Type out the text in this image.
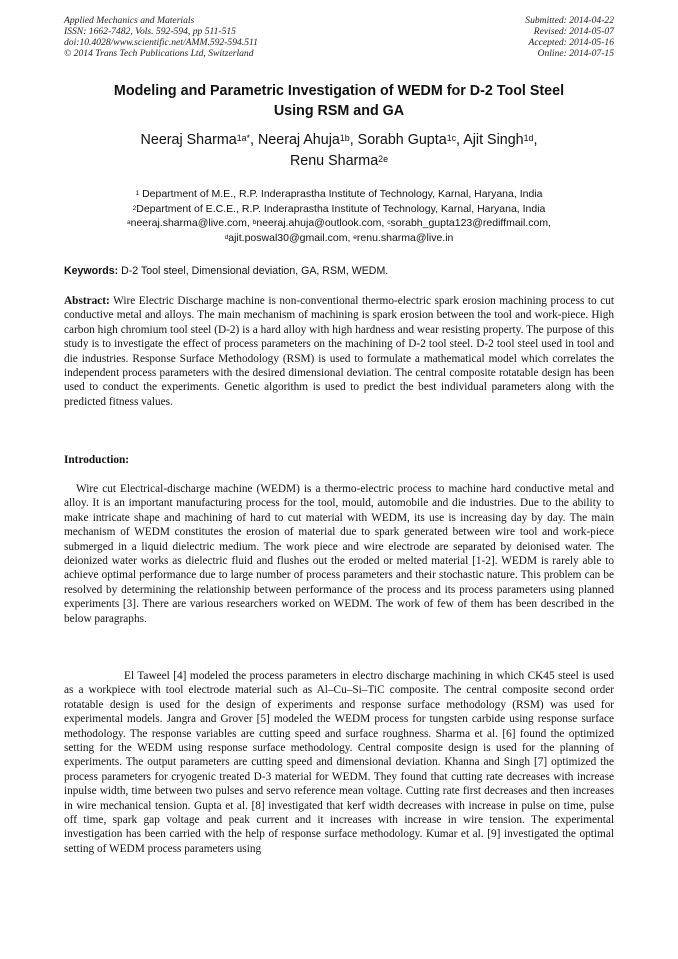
Applied Mechanics and Materials
ISSN: 1662-7482, Vols. 592-594, pp 511-515
doi:10.4028/www.scientific.net/AMM.592-594.511
© 2014 Trans Tech Publications Ltd, Switzerland
Submitted: 2014-04-22
Revised: 2014-05-07
Accepted: 2014-05-16
Online: 2014-07-15
Modeling and Parametric Investigation of WEDM for D-2 Tool Steel
Using RSM and GA
Neeraj Sharma$^{1a*}$, Neeraj Ahuja$^{1b}$, Sorabh Gupta$^{1c}$, Ajit Singh$^{1d}$,
Renu Sharma$^{2e}$
$^1$ Department of M.E., R.P. Inderaprastha Institute of Technology, Karnal, Haryana, India
$^2$Department of E.C.E., R.P. Inderaprastha Institute of Technology, Karnal, Haryana, India
$^a$neeraj.sharma@live.com, $^b$neeraj.ahuja@outlook.com, $^c$sorabh_gupta123@rediffmail.com,
$^d$ajit.poswal30@gmail.com, $^e$renu.sharma@live.in
Keywords: D-2 Tool steel, Dimensional deviation, GA, RSM, WEDM.

Abstract: Wire Electric Discharge machine is non-conventional thermo-electric spark erosion machining process to cut conductive metal and alloys. The main mechanism of machining is spark erosion between the tool and work-piece. High carbon high chromium tool steel (D-2) is a hard alloy with high hardness and wear resisting property. The purpose of this study is to investigate the effect of process parameters on the machining of D-2 tool steel. D-2 tool steel used in tool and die industries. Response Surface Methodology (RSM) is used to formulate a mathematical model which correlates the independent process parameters with the desired dimensional deviation. The central composite rotatable design has been used to conduct the experiments. Genetic algorithm is used to predict the best individual parameters along with the predicted fitness values.

Introduction:

Wire cut Electrical-discharge machine (WEDM) is a thermo-electric process to machine hard conductive metal and alloy. It is an important manufacturing process for the tool, mould, automobile and die industries. Due to the ability to make intricate shape and machining of hard to cut material with WEDM, its use is increasing day by day. The main mechanism of WEDM constitutes the erosion of material due to spark generated between wire tool and work-piece submerged in a liquid dielectric medium. The work piece and wire electrode are separated by deionised water. The deionized water works as dielectric fluid and flushes out the eroded or melted material [1-2]. WEDM is rarely able to achieve optimal performance due to large number of process parameters and their stochastic nature. This problem can be resolved by determining the relationship between performance of the process and its process parameters using planned experiments [3]. There are various researchers worked on WEDM. The work of few of them has been described in the below paragraphs.

El Taweel [4] modeled the process parameters in electro discharge machining in which CK45 steel is used as a workpiece with tool electrode material such as Al–Cu–Si–TiC composite. The central composite second order rotatable design is used for the design of experiments and response surface methodology (RSM) was used for experimental models. Jangra and Grover [5] modeled the WEDM process for tungsten carbide using response surface methodology. The response variables are cutting speed and surface roughness. Sharma et al. [6] found the optimized setting for the WEDM using response surface methodology. Central composite design is used for the planning of experiments. The output parameters are cutting speed and dimensional deviation. Khanna and Singh [7] optimized the process parameters for cryogenic treated D-3 material for WEDM. They found that cutting rate decreases with increase inpulse width, time between two pulses and servo reference mean voltage. Cutting rate first decreases and then increases in wire mechanical tension. Gupta et al. [8] investigated that kerf width decreases with increase in pulse on time, pulse off time, spark gap voltage and peak current and it increases with increase in wire tension. The experimental investigation has been carried with the help of response surface methodology. Kumar et al. [9] investigated the optimal setting of WEDM process parameters using
